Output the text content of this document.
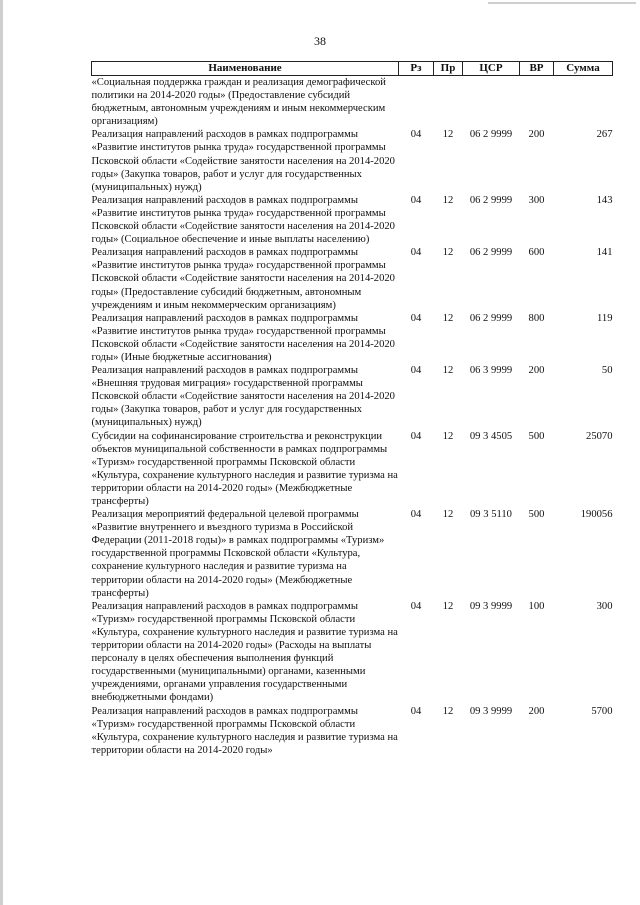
38
Наименование	Рз	Пр	ЦСР	ВР	Сумма
«Социальная поддержка граждан и реализация демографической политики на 2014-2020 годы» (Предоставление субсидий бюджетным, автономным учреждениям и иным некоммерческим организациям)					
Реализация направлений расходов в рамках подпрограммы «Развитие институтов рынка труда» государственной программы Псковской области «Содействие занятости населения на 2014-2020 годы» (Закупка товаров, работ и услуг для государственных (муниципальных) нужд)	04	12	06 2 9999	200	267
Реализация направлений расходов в рамках подпрограммы «Развитие институтов рынка труда» государственной программы Псковской области «Содействие занятости населения на 2014-2020 годы» (Социальное обеспечение и иные выплаты населению)	04	12	06 2 9999	300	143
Реализация направлений расходов в рамках подпрограммы «Развитие институтов рынка труда» государственной программы Псковской области «Содействие занятости населения на 2014-2020 годы» (Предоставление субсидий бюджетным, автономным учреждениям и иным некоммерческим организациям)	04	12	06 2 9999	600	141
Реализация направлений расходов в рамках подпрограммы «Развитие институтов рынка труда» государственной программы Псковской области «Содействие занятости населения на 2014-2020 годы» (Иные бюджетные ассигнования)	04	12	06 2 9999	800	119
Реализация направлений расходов в рамках подпрограммы «Внешняя трудовая миграция» государственной программы Псковской области «Содействие занятости населения на 2014-2020 годы» (Закупка товаров, работ и услуг для государственных (муниципальных) нужд)	04	12	06 3 9999	200	50
Субсидии на софинансирование строительства и реконструкции объектов муниципальной собственности в рамках подпрограммы «Туризм» государственной программы Псковской области «Культура, сохранение культурного наследия и развитие туризма на территории области на 2014-2020 годы» (Межбюджетные трансферты)	04	12	09 3 4505	500	25070
Реализация мероприятий федеральной целевой программы «Развитие внутреннего и въездного туризма в Российской Федерации (2011-2018 годы)» в рамках подпрограммы «Туризм» государственной программы Псковской области «Культура, сохранение культурного наследия и развитие туризма на территории области на 2014-2020 годы» (Межбюджетные трансферты)	04	12	09 3 5110	500	190056
Реализация направлений расходов в рамках подпрограммы «Туризм» государственной программы Псковской области «Культура, сохранение культурного наследия и развитие туризма на территории области на 2014-2020 годы» (Расходы на выплаты персоналу в целях обеспечения выполнения функций государственными (муниципальными) органами, казенными учреждениями, органами управления государственными внебюджетными фондами)	04	12	09 3 9999	100	300
Реализация направлений расходов в рамках подпрограммы «Туризм» государственной программы Псковской области «Культура, сохранение культурного наследия и развитие туризма на территории области на 2014-2020 годы»	04	12	09 3 9999	200	5700
